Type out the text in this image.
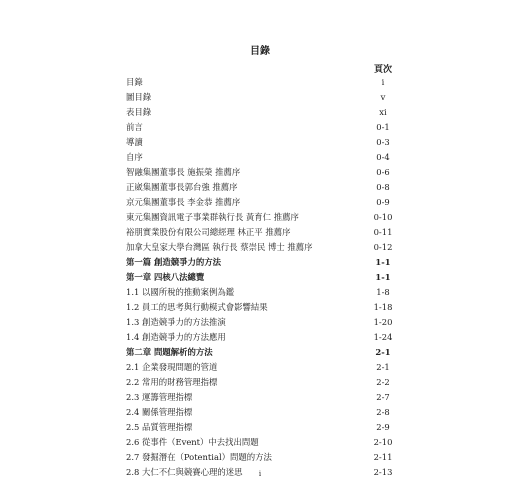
目錄
頁次
目錄	i
圖目錄	v
表目錄	xi
前言	0-1
導讀	0-3
自序	0-4
智融集團董事長 施振榮 推薦序	0-6
正崴集團董事長郭台強 推薦序	0-8
京元集團董事長 李金恭 推薦序	0-9
東元集團資訊電子事業群執行長 黃育仁 推薦序	0-10
裕朋實業股份有限公司總經理 林正平 推薦序	0-11
加拿大皇家大學台灣區 執行長 蔡崇民 博士 推薦序	0-12
第一篇 創造競爭力的方法	1-1
第一章 四核八法總覽	1-1
1.1 以國所稅的推動案例為鑑	1-8
1.2 員工的思考與行動模式會影響結果	1-18
1.3 創造競爭力的方法推演	1-20
1.4 創造競爭力的方法應用	1-24
第二章 問題解析的方法	2-1
2.1 企業發現問題的管道	2-1
2.2 常用的財務管理指標	2-2
2.3 運籌管理指標	2-7
2.4 關係管理指標	2-8
2.5 品質管理指標	2-9
2.6 從事件（Event）中去找出問題	2-10
2.7 發掘潛在（Potential）問題的方法	2-11
2.8 大仁不仁與競賽心理的迷思	2-13
i
